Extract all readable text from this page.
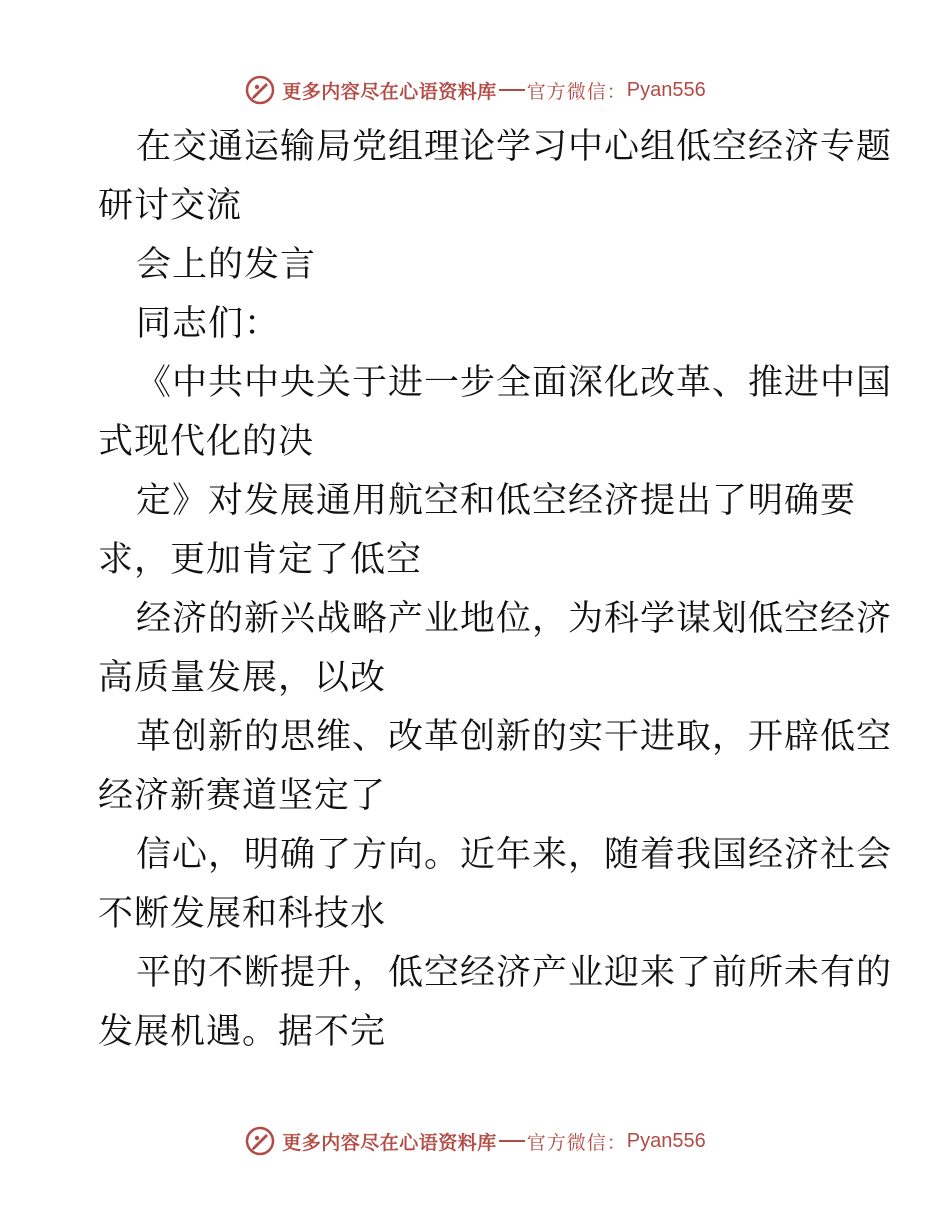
更多内容尽在心语资料库 官方微信： Pyan556
在交通运输局党组理论学习中心组低空经济专题
研讨交流
会上的发言
同志们：
《中共中央关于进一步全面深化改革、推进中国
式现代化的决
定》对发展通用航空和低空经济提出了明确要
求，更加肯定了低空
经济的新兴战略产业地位，为科学谋划低空经济
高质量发展，以改
革创新的思维、改革创新的实干进取，开辟低空
经济新赛道坚定了
信心，明确了方向。近年来，随着我国经济社会
不断发展和科技水
平的不断提升，低空经济产业迎来了前所未有的
发展机遇。据不完
更多内容尽在心语资料库 官方微信： Pyan556
